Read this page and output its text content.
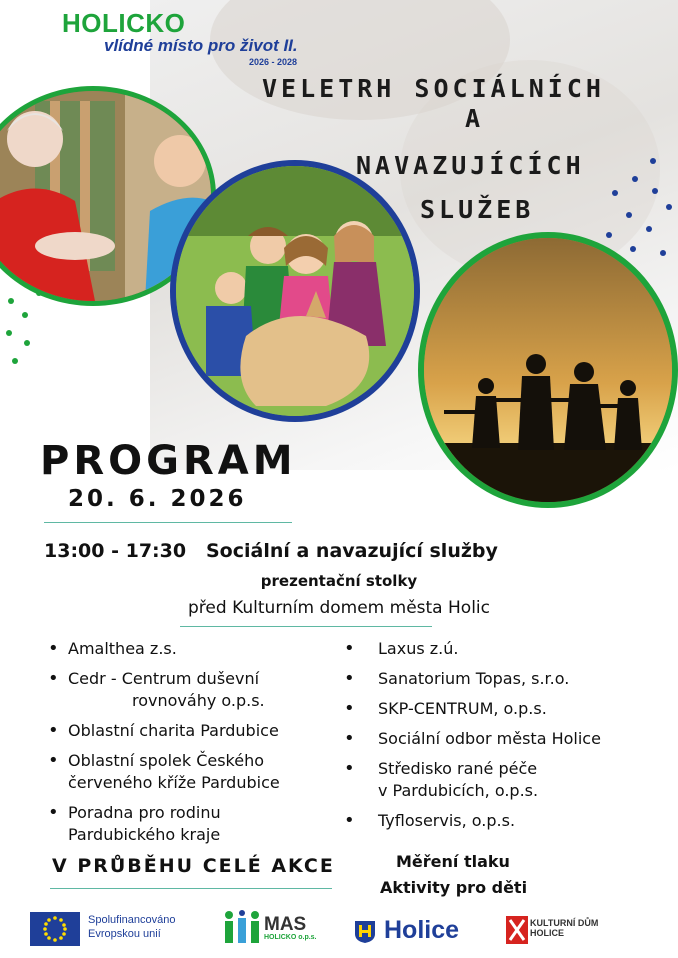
HOLICKO
vlídné místo pro život II.
2026 - 2028
VELETRH SOCIÁLNÍCH
A
NAVAZUJÍCÍCH
SLUŽEB
PROGRAM
20. 6. 2026
13:00 - 17:30 Sociální a navazující služby
prezentační stolky
před Kulturním domem města Holic
• Amalthea z.s.
• Cedr - Centrum duševní
rovnováhy o.p.s.
• Oblastní charita Pardubice
• Oblastní spolek Českého
červeného kříže Pardubice
• Poradna pro rodinu
Pardubického kraje
• Laxus z.ú.
• Sanatorium Topas, s.r.o.
• SKP-CENTRUM, o.p.s.
• Sociální odbor města Holice
• Středisko rané péče
v Pardubicích, o.p.s.
• Tyfloservis, o.p.s.
V PRŮBĚHU CELÉ AKCE	Měření tlaku
Aktivity pro děti
Spolufinancováno
Evropskou unií	MAS
HOLICKO o.p.s.	Holice	KULTURNÍ DŮM
HOLICE
